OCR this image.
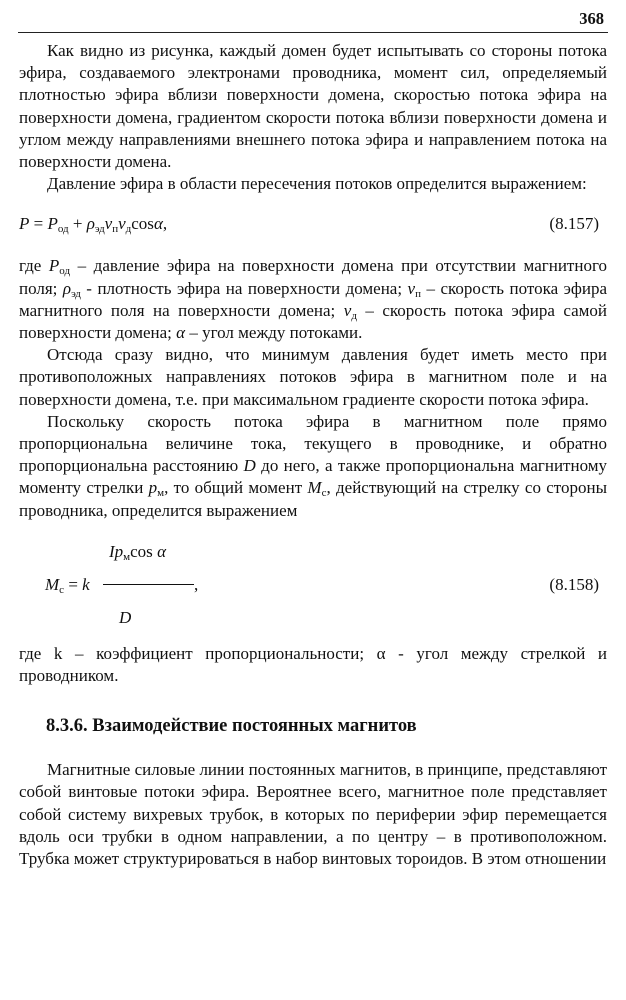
368

Как видно из рисунка, каждый домен будет испытывать со стороны потока эфира, создаваемого электронами проводника, момент сил, определяемый плотностью эфира вблизи поверхности домена, скоростью потока эфира на поверхности домена, градиентом скорости потока вблизи поверхности домена и углом между направлениями внешнего потока эфира и направлением потока на поверхности домена.

Давление эфира в области пересечения потоков определится выражением:

$P = P_{од} + \rho_{эд}v_пv_д\cos\alpha$,	(8.157)

где $P_{од}$ – давление эфира на поверхности домена при отсутствии магнитного поля; $\rho_{эд}$ - плотность эфира на поверхности домена; $v_п$ – скорость потока эфира магнитного поля на поверхности домена; $v_д$ – скорость потока эфира самой поверхности домена; α – угол между потоками.

Отсюда сразу видно, что минимум давления будет иметь место при противоположных направлениях потоков эфира в магнитном поле и на поверхности домена, т.е. при максимальном градиенте скорости потока эфира.

Поскольку скорость потока эфира в магнитном поле прямо пропорциональна величине тока, текущего в проводнике, и обратно пропорциональна расстоянию D до него, а также пропорциональна магнитному моменту стрелки $p_м$, то общий момент $M_с$, действующий на стрелку со стороны проводника, определится выражением

$Ip_м\cos$ α
$M_с = k$	,
D
(8.158)

где k – коэффициент пропорциональности; α - угол между стрелкой и проводником.

8.3.6. Взаимодействие постоянных магнитов

Магнитные силовые линии постоянных магнитов, в принципе, представляют собой винтовые потоки эфира. Вероятнее всего, магнитное поле представляет собой систему вихревых трубок, в которых по периферии эфир перемещается вдоль оси трубки в одном направлении, а по центру – в противоположном. Трубка может структурироваться в набор винтовых тороидов. В этом отношении
